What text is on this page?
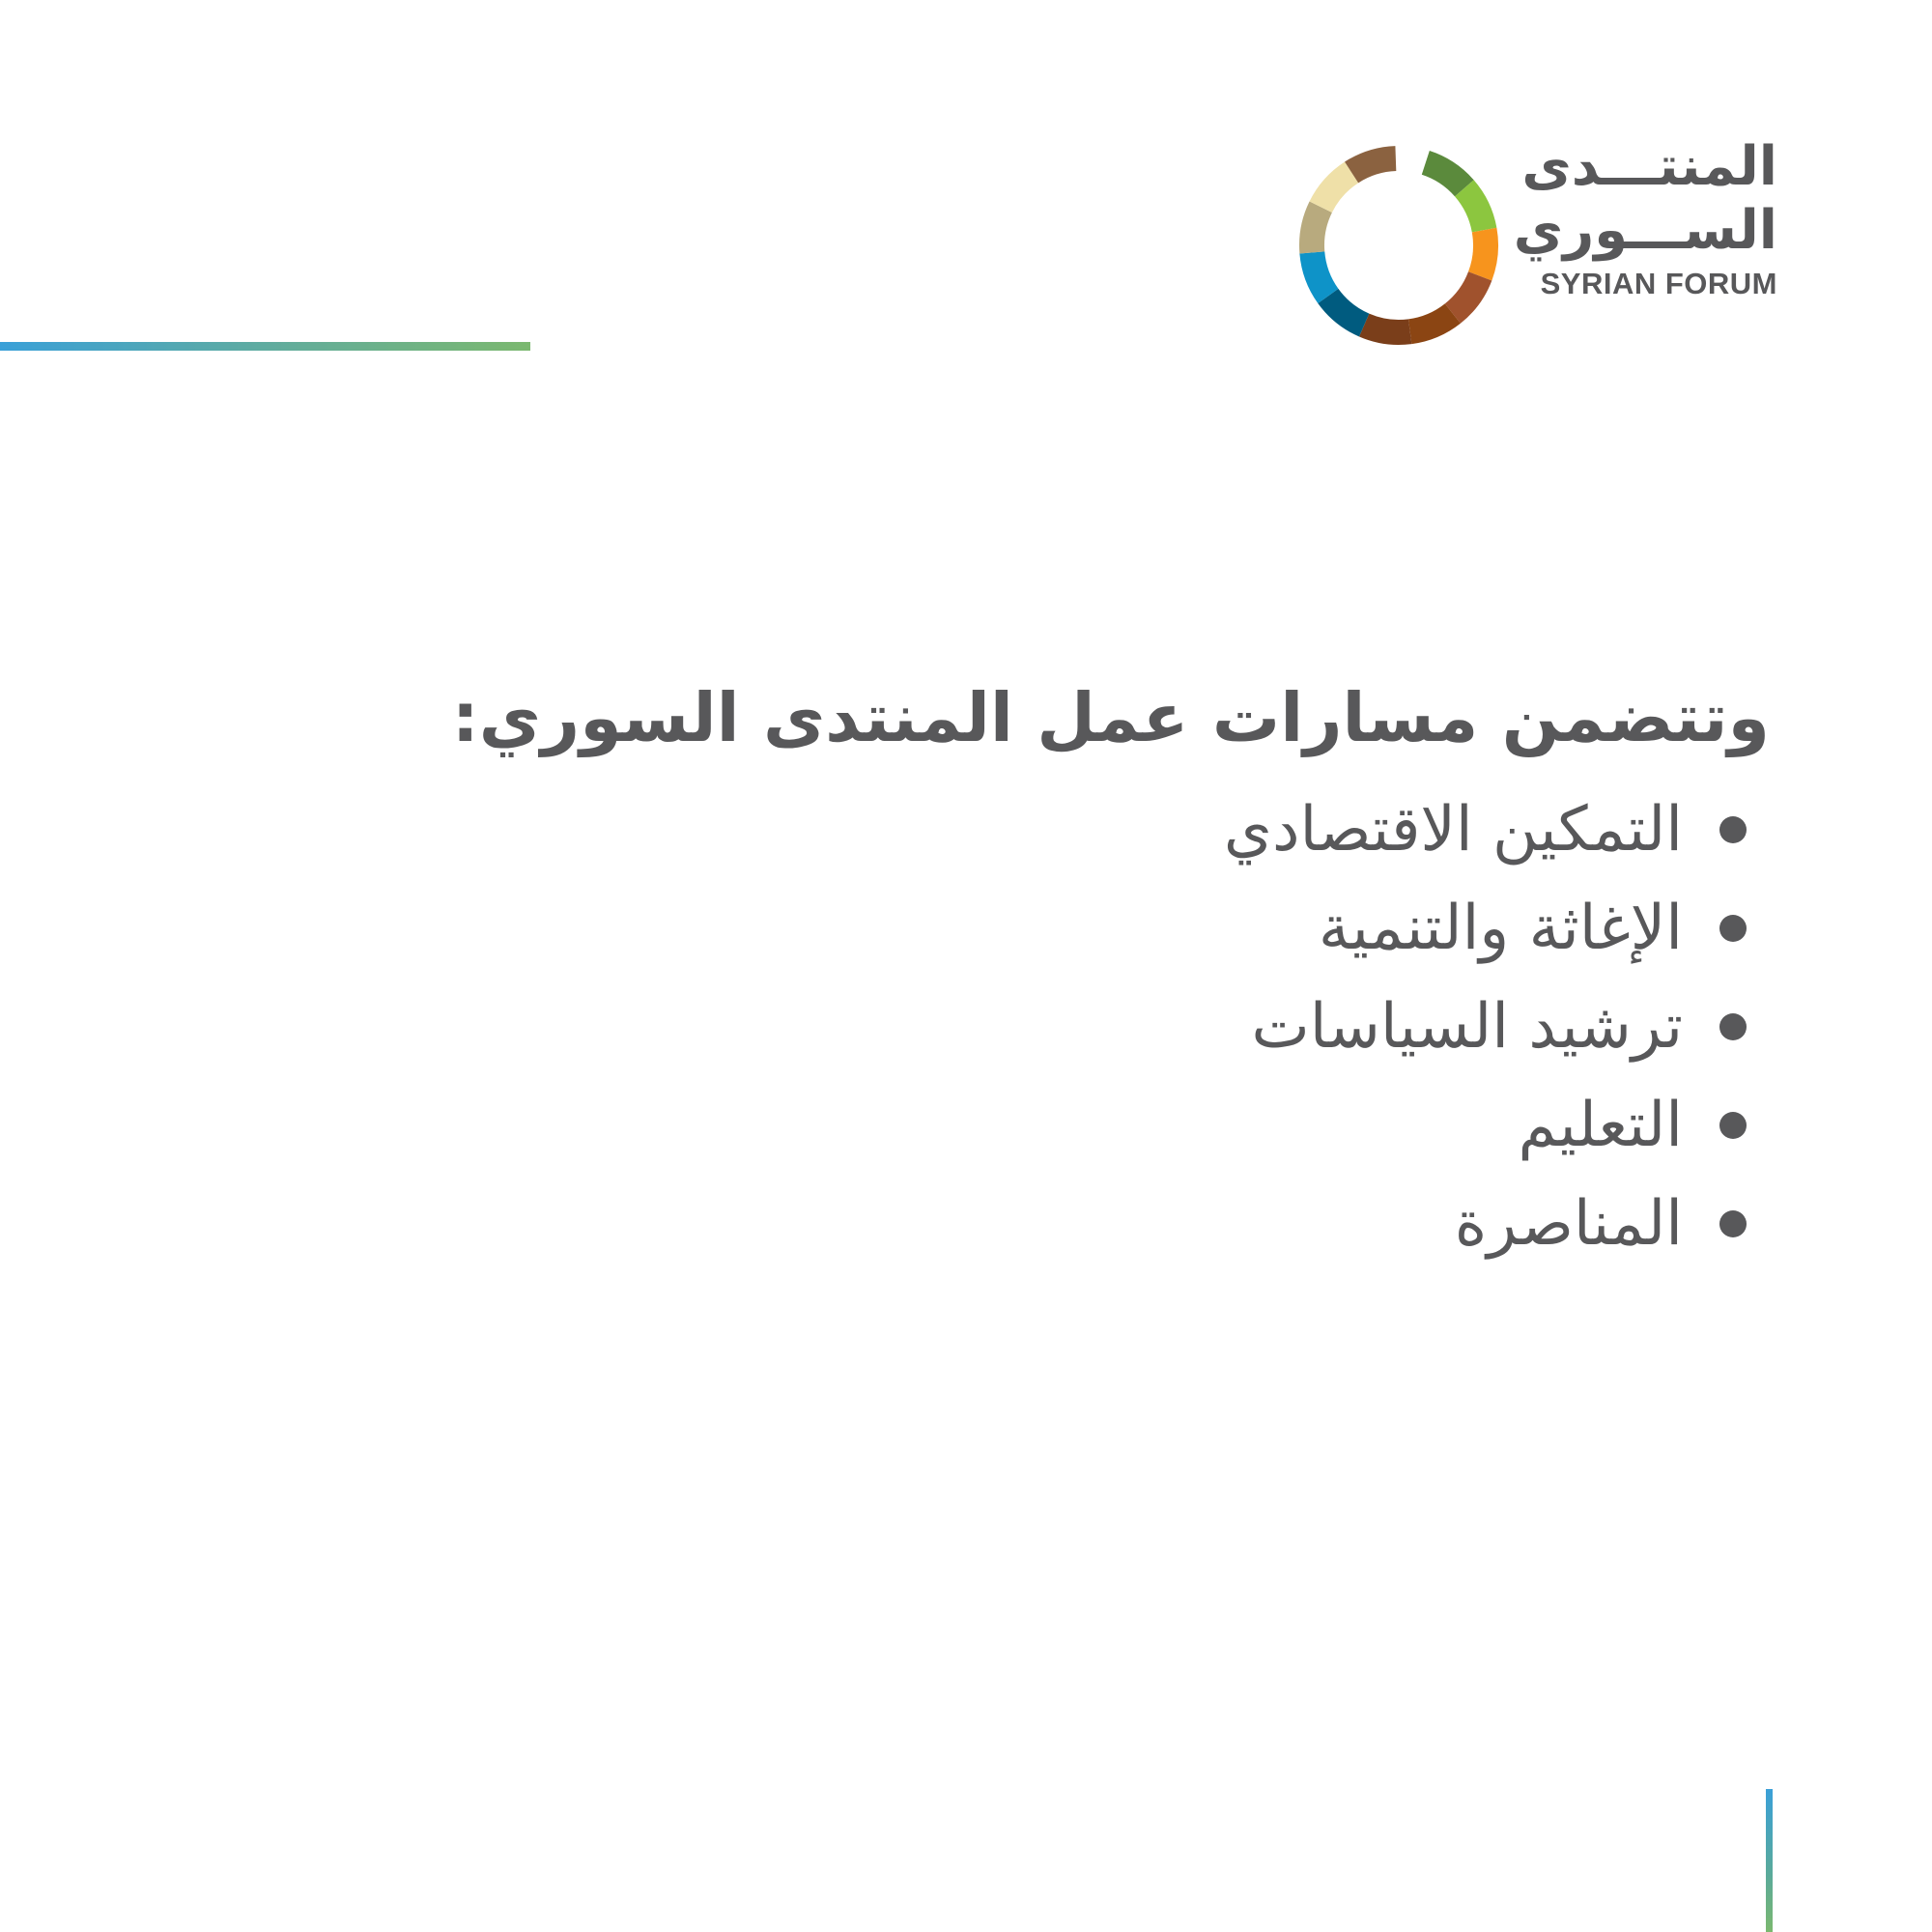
المنتـــدى
الســـوري
SYRIAN FORUM
وتتضمن مسارات عمل المنتدى السوري:
التمكين الاقتصادي
الإغاثة والتنمية
ترشيد السياسات
التعليم
المناصرة
